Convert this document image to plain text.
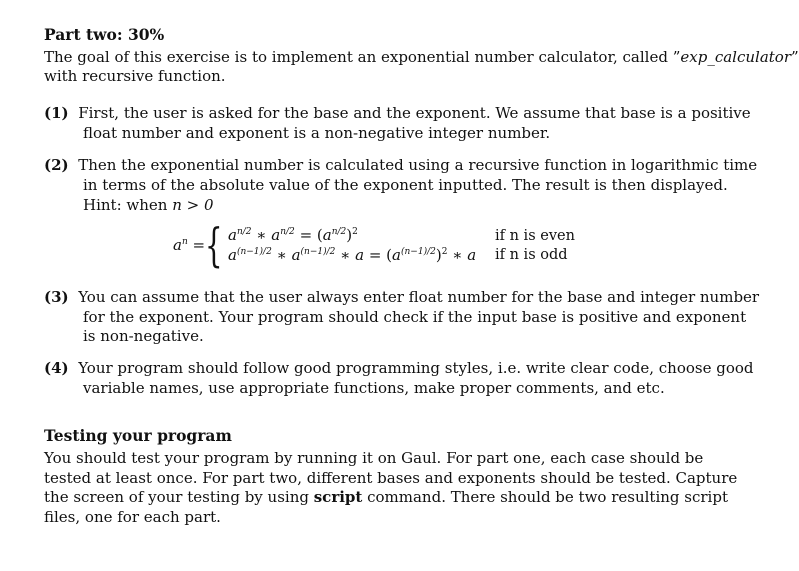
Part two: 30%
The goal of this exercise is to implement an exponential number calculator, called ”exp_calculator”
with recursive function.
(1) First, the user is asked for the base and the exponent. We assume that base is a positive
float number and exponent is a non-negative integer number.
(2) Then the exponential number is calculated using a recursive function in logarithmic time
in terms of the absolute value of the exponent inputted. The result is then displayed.
Hint: when n > 0
$a^n$ = { $a^{n/2}$ ∗ $a^{n/2} = (a^{n/2})^2$
$a^{(n-1)/2}$ ∗ $a^{(n-1)/2}$ ∗ $a = (a^{(n-1)/2})^2$ ∗ a
if n is even
if n is odd
(3) You can assume that the user always enter float number for the base and integer number
for the exponent. Your program should check if the input base is positive and exponent
is non-negative.
(4) Your program should follow good programming styles, i.e. write clear code, choose good
variable names, use appropriate functions, make proper comments, and etc.
Testing your program
You should test your program by running it on Gaul. For part one, each case should be
tested at least once. For part two, different bases and exponents should be tested. Capture
the screen of your testing by using script command. There should be two resulting script
files, one for each part.
